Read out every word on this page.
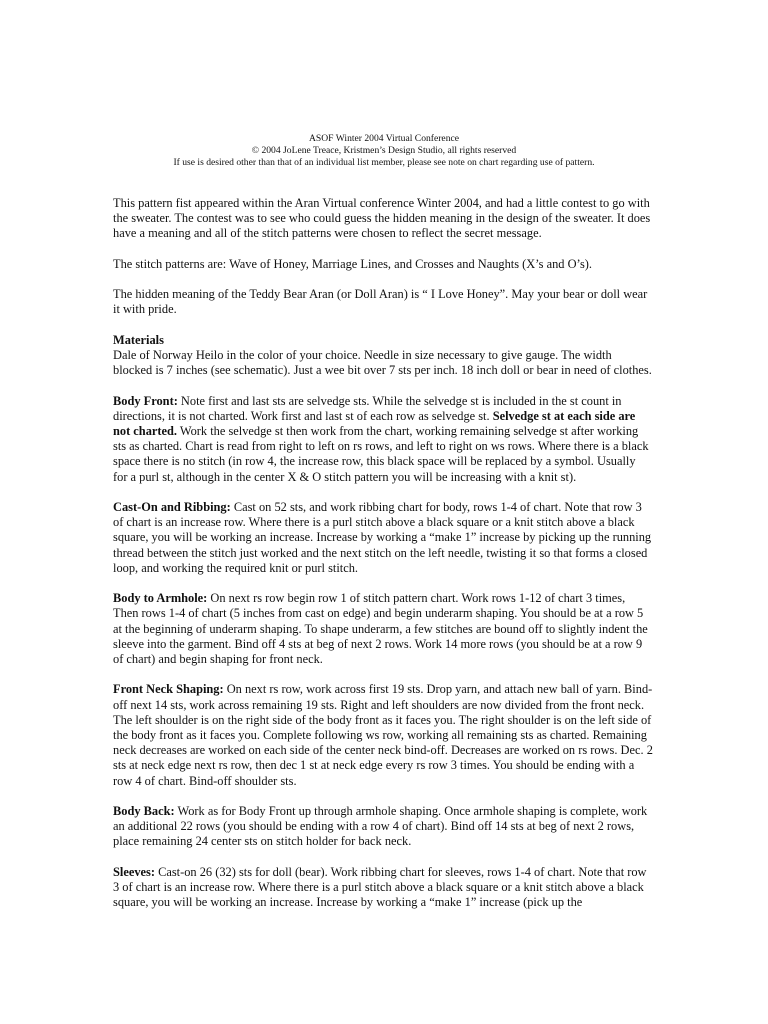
ASOF Winter 2004 Virtual Conference
© 2004 JoLene Treace, Kristmen’s Design Studio, all rights reserved
If use is desired other than that of an individual list member, please see note on chart regarding use of pattern.

This pattern fist appeared within the Aran Virtual conference Winter 2004, and had a little contest to go with the sweater. The contest was to see who could guess the hidden meaning in the design of the sweater. It does have a meaning and all of the stitch patterns were chosen to reflect the secret message.

The stitch patterns are: Wave of Honey, Marriage Lines, and Crosses and Naughts (X’s and O’s).

The hidden meaning of the Teddy Bear Aran (or Doll Aran) is “ I Love Honey”. May your bear or doll wear it with pride.

Materials

Dale of Norway Heilo in the color of your choice. Needle in size necessary to give gauge. The width blocked is 7 inches (see schematic). Just a wee bit over 7 sts per inch. 18 inch doll or bear in need of clothes.

Body Front: Note first and last sts are selvedge sts. While the selvedge st is included in the st count in directions, it is not charted. Work first and last st of each row as selvedge st. Selvedge st at each side are not charted. Work the selvedge st then work from the chart, working remaining selvedge st after working sts as charted. Chart is read from right to left on rs rows, and left to right on ws rows. Where there is a black space there is no stitch (in row 4, the increase row, this black space will be replaced by a symbol. Usually for a purl st, although in the center X & O stitch pattern you will be increasing with a knit st).

Cast-On and Ribbing: Cast on 52 sts, and work ribbing chart for body, rows 1-4 of chart. Note that row 3 of chart is an increase row. Where there is a purl stitch above a black square or a knit stitch above a black square, you will be working an increase. Increase by working a “make 1” increase by picking up the running thread between the stitch just worked and the next stitch on the left needle, twisting it so that forms a closed loop, and working the required knit or purl stitch.

Body to Armhole: On next rs row begin row 1 of stitch pattern chart. Work rows 1-12 of chart 3 times, Then rows 1-4 of chart (5 inches from cast on edge) and begin underarm shaping. You should be at a row 5 at the beginning of underarm shaping. To shape underarm, a few stitches are bound off to slightly indent the sleeve into the garment. Bind off 4 sts at beg of next 2 rows. Work 14 more rows (you should be at a row 9 of chart) and begin shaping for front neck.

Front Neck Shaping: On next rs row, work across first 19 sts. Drop yarn, and attach new ball of yarn. Bind-off next 14 sts, work across remaining 19 sts. Right and left shoulders are now divided from the front neck. The left shoulder is on the right side of the body front as it faces you. The right shoulder is on the left side of the body front as it faces you. Complete following ws row, working all remaining sts as charted. Remaining neck decreases are worked on each side of the center neck bind-off. Decreases are worked on rs rows. Dec. 2 sts at neck edge next rs row, then dec 1 st at neck edge every rs row 3 times. You should be ending with a row 4 of chart. Bind-off shoulder sts.

Body Back: Work as for Body Front up through armhole shaping. Once armhole shaping is complete, work an additional 22 rows (you should be ending with a row 4 of chart). Bind off 14 sts at beg of next 2 rows, place remaining 24 center sts on stitch holder for back neck.

Sleeves: Cast-on 26 (32) sts for doll (bear). Work ribbing chart for sleeves, rows 1-4 of chart. Note that row 3 of chart is an increase row. Where there is a purl stitch above a black square or a knit stitch above a black square, you will be working an increase. Increase by working a “make 1” increase (pick up the
